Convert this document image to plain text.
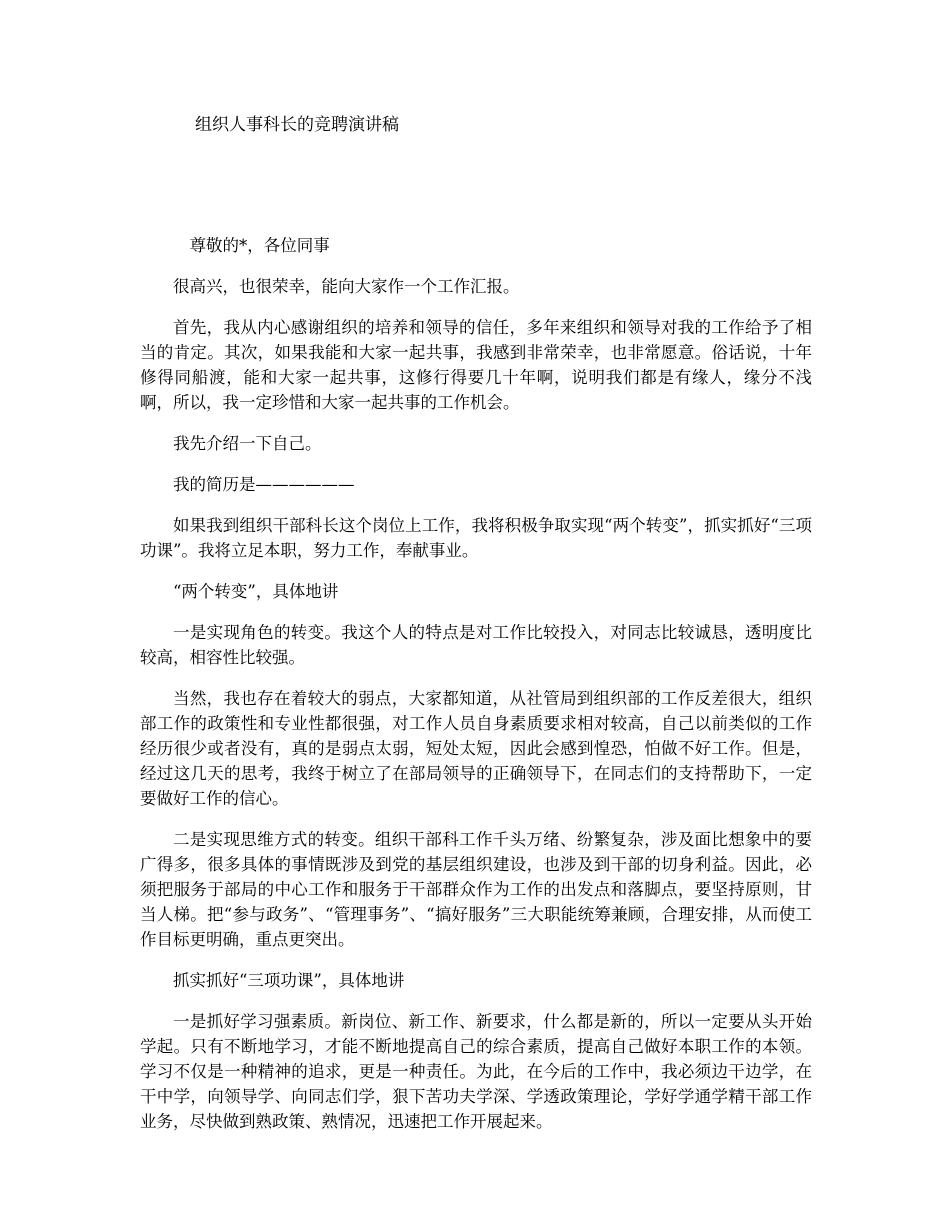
组织人事科长的竞聘演讲稿

尊敬的*，各位同事

很高兴，也很荣幸，能向大家作一个工作汇报。

首先，我从内心感谢组织的培养和领导的信任，多年来组织和领导对我的工作给予了相当的肯定。其次，如果我能和大家一起共事，我感到非常荣幸，也非常愿意。俗话说，十年修得同船渡，能和大家一起共事，这修行得要几十年啊，说明我们都是有缘人，缘分不浅啊，所以，我一定珍惜和大家一起共事的工作机会。

我先介绍一下自己。

我的简历是——————

如果我到组织干部科长这个岗位上工作，我将积极争取实现“两个转变”，抓实抓好“三项功课”。我将立足本职，努力工作，奉献事业。

“两个转变”，具体地讲

一是实现角色的转变。我这个人的特点是对工作比较投入，对同志比较诚恳，透明度比较高，相容性比较强。

当然，我也存在着较大的弱点，大家都知道，从社管局到组织部的工作反差很大，组织部工作的政策性和专业性都很强，对工作人员自身素质要求相对较高，自己以前类似的工作经历很少或者没有，真的是弱点太弱，短处太短，因此会感到惶恐，怕做不好工作。但是，经过这几天的思考，我终于树立了在部局领导的正确领导下，在同志们的支持帮助下，一定要做好工作的信心。

二是实现思维方式的转变。组织干部科工作千头万绪、纷繁复杂，涉及面比想象中的要广得多，很多具体的事情既涉及到党的基层组织建设，也涉及到干部的切身利益。因此，必须把服务于部局的中心工作和服务于干部群众作为工作的出发点和落脚点，要坚持原则，甘当人梯。把“参与政务”、“管理事务”、“搞好服务”三大职能统筹兼顾，合理安排，从而使工作目标更明确，重点更突出。

抓实抓好“三项功课”，具体地讲

一是抓好学习强素质。新岗位、新工作、新要求，什么都是新的，所以一定要从头开始学起。只有不断地学习，才能不断地提高自己的综合素质，提高自己做好本职工作的本领。学习不仅是一种精神的追求，更是一种责任。为此，在今后的工作中，我必须边干边学，在干中学，向领导学、向同志们学，狠下苦功夫学深、学透政策理论，学好学通学精干部工作业务，尽快做到熟政策、熟情况，迅速把工作开展起来。
